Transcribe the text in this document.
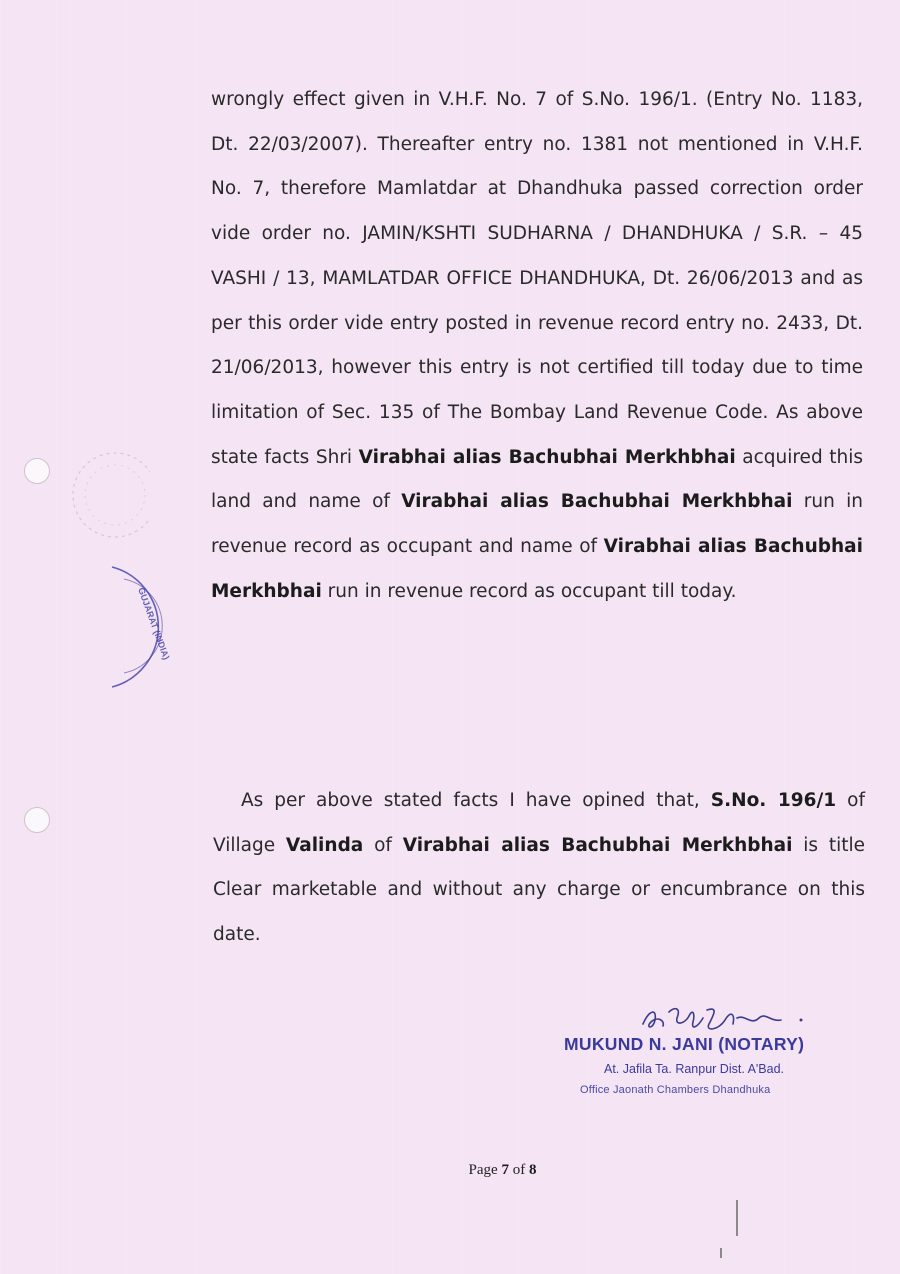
GUJARAT (INDIA)

wrongly effect given in V.H.F. No. 7 of S.No. 196/1. (Entry No. 1183, Dt. 22/03/2007). Thereafter entry no. 1381 not mentioned in V.H.F. No. 7, therefore Mamlatdar at Dhandhuka passed correction order vide order no. JAMIN/KSHTI SUDHARNA / DHANDHUKA / S.R. – 45 VASHI / 13, MAMLATDAR OFFICE DHANDHUKA, Dt. 26/06/2013 and as per this order vide entry posted in revenue record entry no. 2433, Dt. 21/06/2013, however this entry is not certified till today due to time limitation of Sec. 135 of The Bombay Land Revenue Code. As above state facts Shri Virabhai alias Bachubhai Merkhbhai acquired this land and name of Virabhai alias Bachubhai Merkhbhai run in revenue record as occupant and name of Virabhai alias Bachubhai Merkhbhai run in revenue record as occupant till today.

As per above stated facts I have opined that, S.No. 196/1 of Village Valinda of Virabhai alias Bachubhai Merkhbhai is title Clear marketable and without any charge or encumbrance on this date.

MUKUND N. JANI (NOTARY)
At. Jafila Ta. Ranpur Dist. A'Bad.
Office Jaonath Chambers Dhandhuka
Page 7 of 8
